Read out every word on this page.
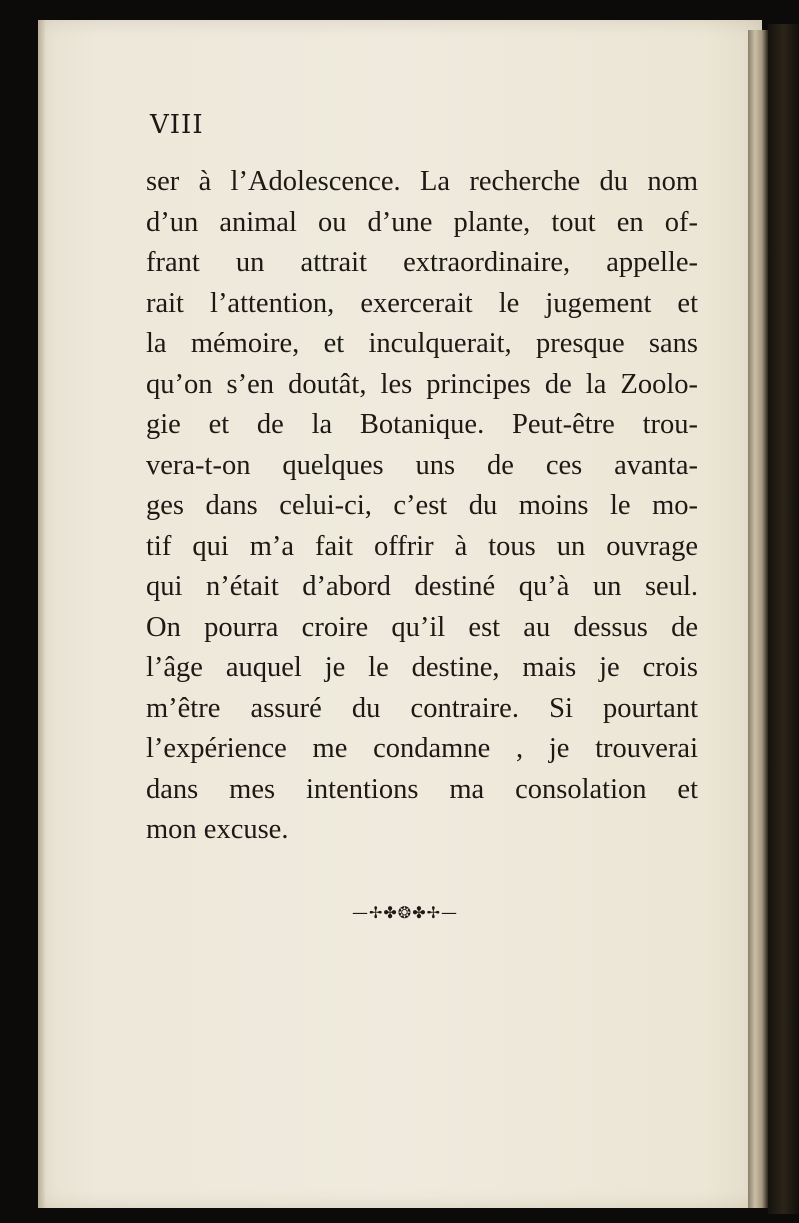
VIII
ser à l’Adolescence. La recherche du nom
d’un animal ou d’une plante, tout en of-
frant un attrait extraordinaire, appelle-
rait l’attention, exercerait le jugement et
la mémoire, et inculquerait, presque sans
qu’on s’en doutât, les principes de la Zoolo-
gie et de la Botanique. Peut-être trou-
vera-t-on quelques uns de ces avanta-
ges dans celui-ci, c’est du moins le mo-
tif qui m’a fait offrir à tous un ouvrage
qui n’était d’abord destiné qu’à un seul.
On pourra croire qu’il est au dessus de
l’âge auquel je le destine, mais je crois
m’être assuré du contraire. Si pourtant
l’expérience me condamne , je trouverai
dans mes intentions ma consolation et
mon excuse.
—✢✤❂✤✢—
